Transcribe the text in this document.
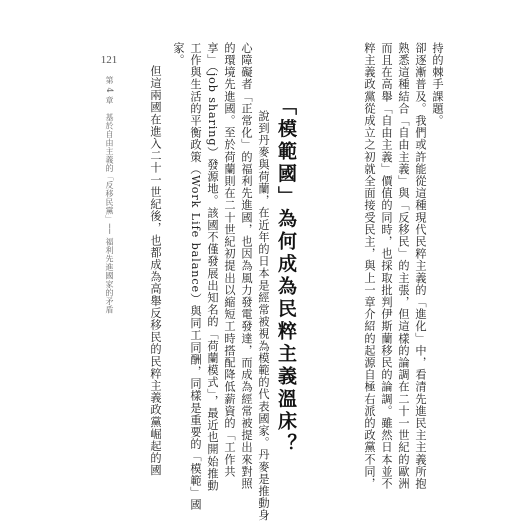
121
第 4 章　基於自由主義的「反移民黨」── 福利先進國家的矛盾	粹主義政黨從成立之初就全面接受民主，與上一章介紹的起源自極右派的政黨不同， 而且在高舉「自由主義」價值的同時，也採取批判伊斯蘭移民的論調。雖然日本並不 熟悉這種結合「自由主義」與「反移民」的主張，但這樣的論調在二十一世紀的歐洲 卻逐漸普及。我們或許能從這種現代民粹主義的「進化」中，看清先進民主主義所抱 持的棘手課題。
「模範國」為何成為民粹主義溫床？
說到丹麥與荷蘭，在近年的日本是經常被視為模範的代表國家。丹麥是推動身
心障礙者「正常化」的福利先進國，也因為風力發電發達，而成為經常被提出來對照
的環境先進國。至於荷蘭則在二十世紀初提出以縮短工時搭配降低薪資的「工作共
享」（job sharing）發源地。該國不僅發展出知名的「荷蘭模式」，最近也開始推動
工作與生活的平衡政策（Work Life balance）與同工同酬，同樣是重要的「模範」國
家。
但這兩國在進入二十一世紀後，也都成為高舉反移民的民粹主義政黨崛起的國
